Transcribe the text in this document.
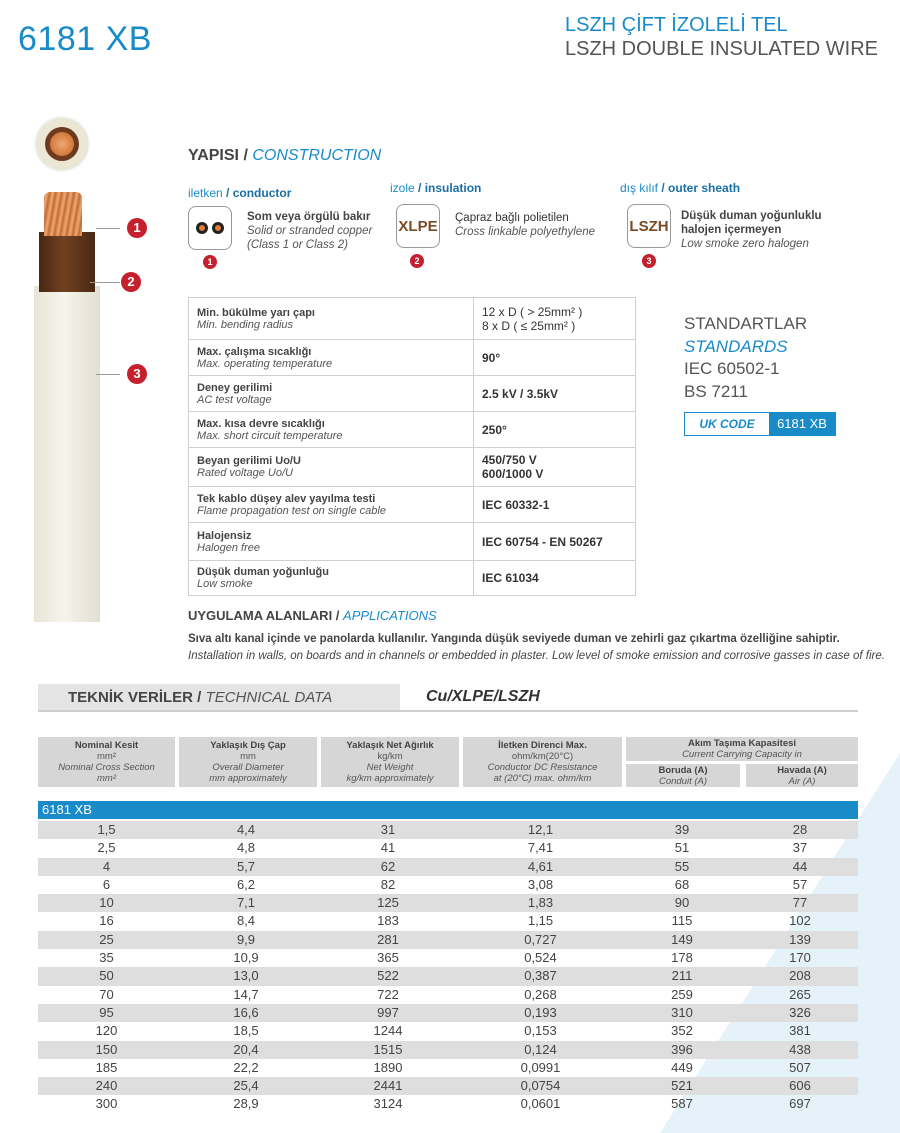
6181 XB	LSZH ÇİFT İZOLELİ TEL
LSZH DOUBLE INSULATED WIRE
1
2
3
YAPISI / CONSTRUCTION
iletken / conductor
1
Som veya örgülü bakır
Solid or stranded copper
(Class 1 or Class 2)
izole / insulation
XLPE
2
Çapraz bağlı polietilen
Cross linkable polyethylene
dış kılıf / outer sheath
LSZH
3
Düşük duman yoğunluklu
halojen içermeyen
Low smoke zero halogen
Min. bükülme yarı çapı
Min. bending radius	12 x D ( > 25mm² )
8 x D ( ≤ 25mm² )

Max. çalışma sıcaklığı
Max. operating temperature	90°

Deney gerilimi
AC test voltage	2.5 kV / 3.5kV

Max. kısa devre sıcaklığı
Max. short circuit temperature	250°

Beyan gerilimi Uo/U
Rated voltage Uo/U	450/750 V
600/1000 V

Tek kablo düşey alev yayılma testi
Flame propagation test on single cable	IEC 60332-1

Halojensiz
Halogen free	IEC 60754 - EN 50267

Düşük duman yoğunluğu
Low smoke	IEC 61034
STANDARTLAR
STANDARDS
IEC 60502-1
BS 7211
UK CODE	6181 XB
UYGULAMA ALANLARI / APPLICATIONS
Sıva altı kanal içinde ve panolarda kullanılır. Yangında düşük seviyede duman ve zehirli gaz çıkartma özelliğine sahiptir.
Installation in walls, on boards and in channels or embedded in plaster. Low level of smoke emission and corrosive gasses in case of fire.
TEKNİK VERİLER / TECHNICAL DATA	Cu/XLPE/LSZH
Nominal Kesit
mm²
Nominal Cross Section
mm²
Yaklaşık Dış Çap
mm
Overall Diameter
mm approximately
Yaklaşık Net Ağırlık
kg/km
Net Weight
kg/km approximately
İletken Direnci Max.
ohm/km(20°C)
Conductor DC Resistance
at (20°C) max. ohm/km
Akım Taşıma Kapasitesi
Current Carrying Capacity in
Boruda (A)
Conduit (A)
Havada (A)
Air (A)
6181 XB
1,5	4,4	31	12,1	39	28
2,5	4,8	41	7,41	51	37
4	5,7	62	4,61	55	44
6	6,2	82	3,08	68	57
10	7,1	125	1,83	90	77
16	8,4	183	1,15	115	102
25	9,9	281	0,727	149	139
35	10,9	365	0,524	178	170
50	13,0	522	0,387	211	208
70	14,7	722	0,268	259	265
95	16,6	997	0,193	310	326
120	18,5	1244	0,153	352	381
150	20,4	1515	0,124	396	438
185	22,2	1890	0,0991	449	507
240	25,4	2441	0,0754	521	606
300	28,9	3124	0,0601	587	697
